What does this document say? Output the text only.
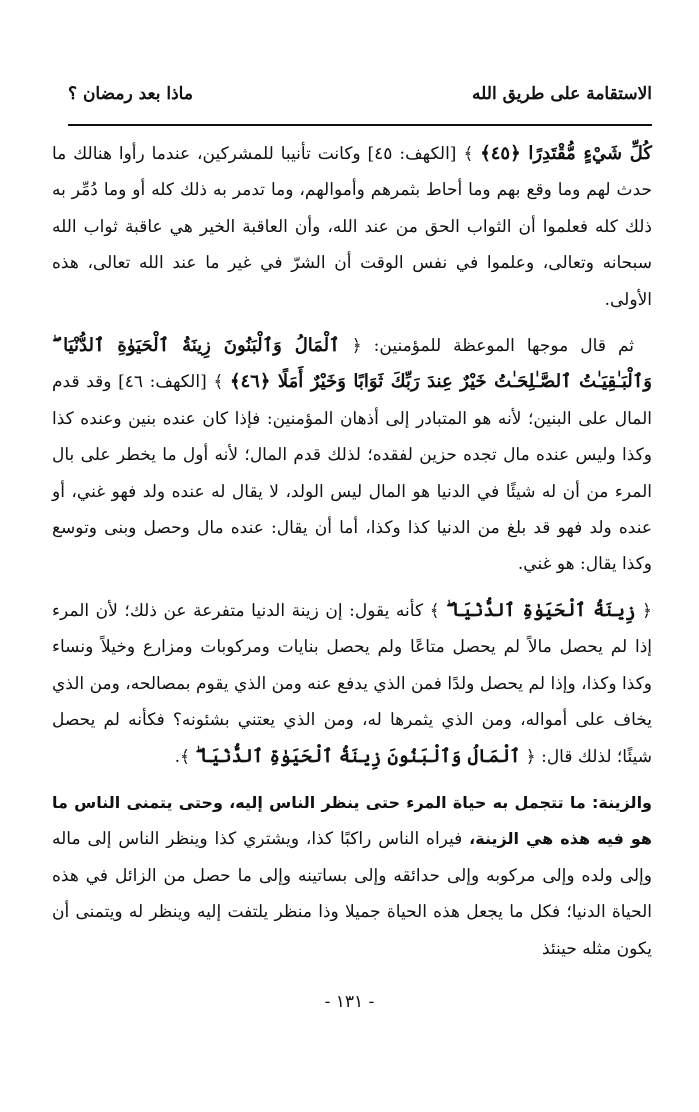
الاستقامة على طريق الله
ماذا بعد رمضان ؟

كُلِّ شَيْءٍ مُّقْتَدِرًا ﴿٤٥﴾ ﴾ [الكهف: ٤٥] وكانت تأنيبا للمشركين، عندما رأوا هنالك ما حدث لهم وما وقع بهم وما أحاط بثمرهم وأموالهم، وما تدمر به ذلك كله أو وما دُمِّر به ذلك كله فعلموا أن الثواب الحق من عند الله، وأن العاقبة الخير هي عاقبة ثواب الله سبحانه وتعالى، وعلموا في نفس الوقت أن الشرّ في غير ما عند الله تعالى، هذه الأولى.

ثم قال موجها الموعظة للمؤمنين: ﴿ ٱلْمَالُ وَٱلْبَنُونَ زِينَةُ ٱلْحَيَوٰةِ ٱلدُّنْيَا ۖ وَٱلْبَـٰقِيَـٰتُ ٱلصَّـٰلِحَـٰتُ خَيْرٌ عِندَ رَبِّكَ ثَوَابًا وَخَيْرٌ أَمَلًا ﴿٤٦﴾ ﴾ [الكهف: ٤٦] وقد قدم المال على البنين؛ لأنه هو المتبادر إلى أذهان المؤمنين: فإذا كان عنده بنين وعنده كذا وكذا وليس عنده مال تجده حزين لفقده؛ لذلك قدم المال؛ لأنه أول ما يخطر على بال المرء من أن له شيئًا في الدنيا هو المال ليس الولد، لا يقال له عنده ولد فهو غني، أو عنده ولد فهو قد بلغ من الدنيا كذا وكذا، أما أن يقال: عنده مال وحصل وبنى وتوسع وكذا يقال: هو غني.

﴿ زِينَةُ ٱلْحَيَوٰةِ ٱلدُّنْيَا ۖ ﴾ كأنه يقول: إن زينة الدنيا متفرعة عن ذلك؛ لأن المرء إذا لم يحصل مالاً لم يحصل متاعًا ولم يحصل بنايات ومركوبات ومزارع وخيلاً ونساء وكذا وكذا، وإذا لم يحصل ولدًا فمن الذي يدفع عنه ومن الذي يقوم بمصالحه، ومن الذي يخاف على أمواله، ومن الذي يثمرها له، ومن الذي يعتني بشئونه؟ فكأنه لم يحصل شيئًا؛ لذلك قال: ﴿ ٱلْمَالُ وَٱلْبَنُونَ زِينَةُ ٱلْحَيَوٰةِ ٱلدُّنْيَا ۖ ﴾.

والزينة: ما تتجمل به حياة المرء حتى ينظر الناس إليه، وحتى يتمنى الناس ما هو فيه هذه هي الزينة، فيراه الناس راكبًا كذا، ويشتري كذا وينظر الناس إلى ماله وإلى ولده وإلى مركوبه وإلى حدائقه وإلى بساتينه وإلى ما حصل من الزائل في هذه الحياة الدنيا؛ فكل ما يجعل هذه الحياة جميلا وذا منظر يلتفت إليه وينظر له ويتمنى أن يكون مثله حينئذ

- ١٣١ -
